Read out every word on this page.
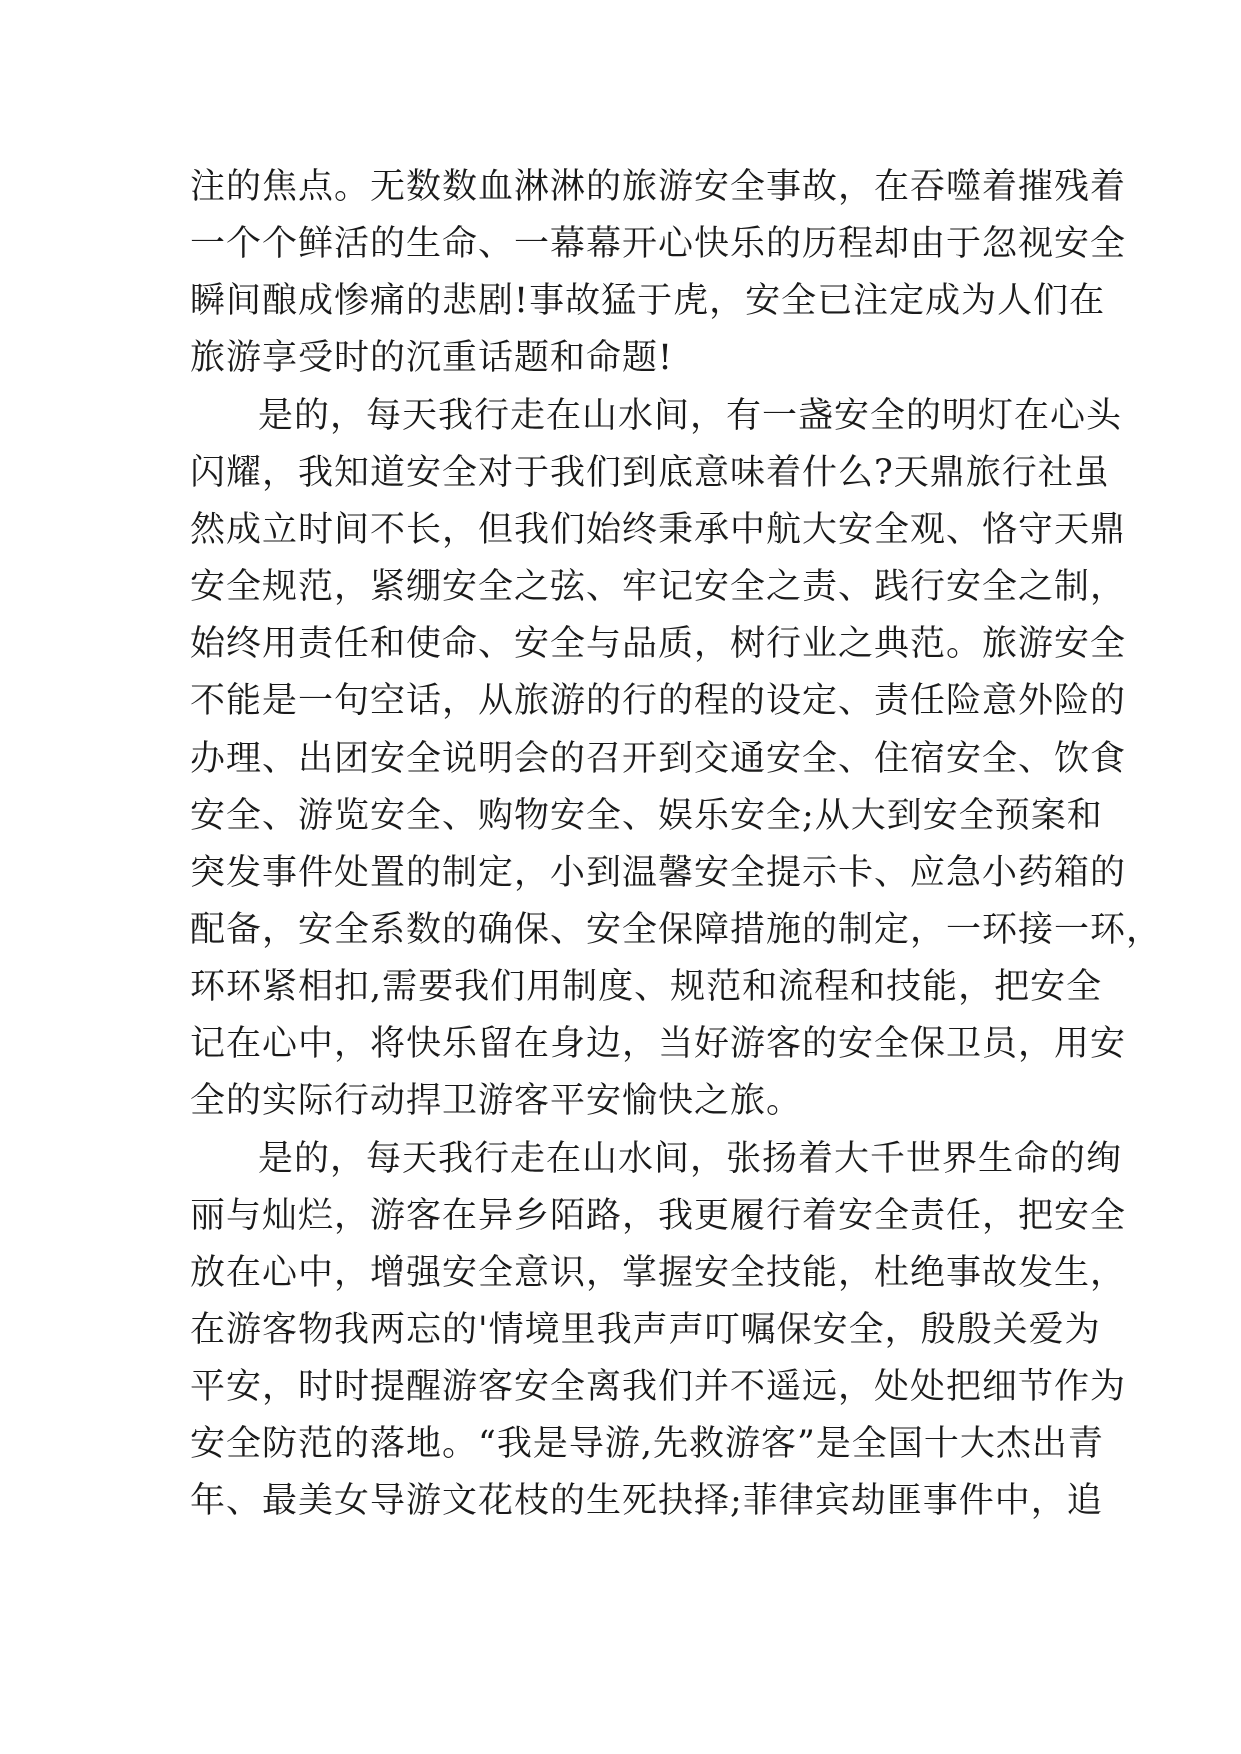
注的焦点。无数数血淋淋的旅游安全事故，在吞噬着摧残着
一个个鲜活的生命、一幕幕开心快乐的历程却由于忽视安全
瞬间酿成惨痛的悲剧!事故猛于虎，安全已注定成为人们在
旅游享受时的沉重话题和命题!
是的，每天我行走在山水间，有一盏安全的明灯在心头
闪耀，我知道安全对于我们到底意味着什么?天鼎旅行社虽
然成立时间不长，但我们始终秉承中航大安全观、恪守天鼎
安全规范，紧绷安全之弦、牢记安全之责、践行安全之制，
始终用责任和使命、安全与品质，树行业之典范。旅游安全
不能是一句空话，从旅游的行的程的设定、责任险意外险的
办理、出团安全说明会的召开到交通安全、住宿安全、饮食
安全、游览安全、购物安全、娱乐安全;从大到安全预案和
突发事件处置的制定，小到温馨安全提示卡、应急小药箱的
配备，安全系数的确保、安全保障措施的制定，一环接一环，
环环紧相扣,需要我们用制度、规范和流程和技能，把安全
记在心中，将快乐留在身边，当好游客的安全保卫员，用安
全的实际行动捍卫游客平安愉快之旅。
是的，每天我行走在山水间，张扬着大千世界生命的绚
丽与灿烂，游客在异乡陌路，我更履行着安全责任，把安全
放在心中，增强安全意识，掌握安全技能，杜绝事故发生，
在游客物我两忘的'情境里我声声叮嘱保安全，殷殷关爱为
平安，时时提醒游客安全离我们并不遥远，处处把细节作为
安全防范的落地。“我是导游,先救游客”是全国十大杰出青
年、最美女导游文花枝的生死抉择;菲律宾劫匪事件中，追
